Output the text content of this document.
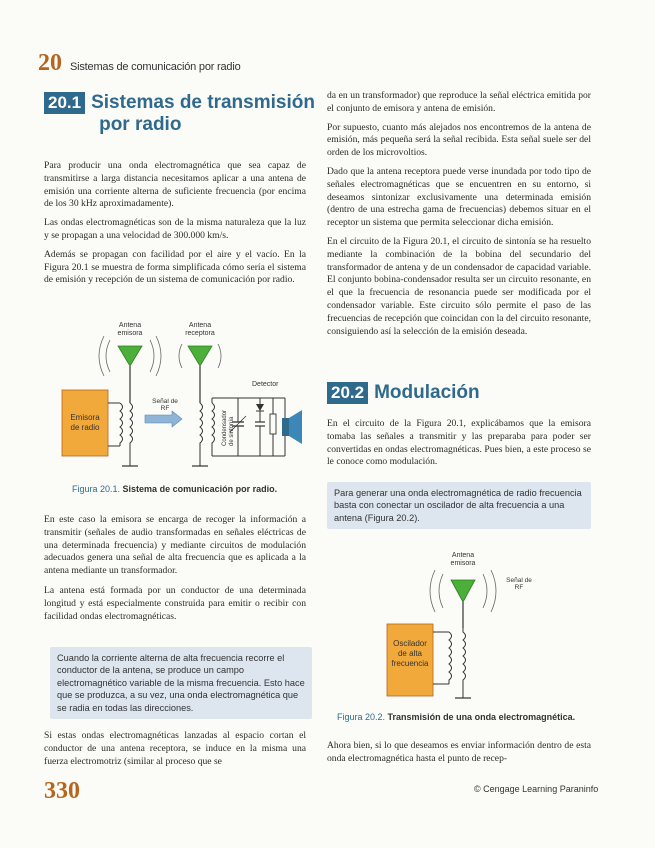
20 Sistemas de comunicación por radio
20.1 Sistemas de transmisión
por radio

Para producir una onda electromagnética que sea capaz de transmitirse a larga distancia necesitamos aplicar a una antena de emisión una corriente alterna de suficiente frecuencia (por encima de los 30 kHz aproximadamente).

Las ondas electromagnéticas son de la misma naturaleza que la luz y se propagan a una velocidad de 300.000 km/s.

Además se propagan con facilidad por el aire y el vacío. En la Figura 20.1 se muestra de forma simplificada cómo sería el sistema de emisión y recepción de un sistema de comunicación por radio.

Antena
emisora
Emisora
de radio
Señal de
RF
Antena
receptora
Condensador de sintonía
Detector
Figura 20.1. Sistema de comunicación por radio.

En este caso la emisora se encarga de recoger la información a transmitir (señales de audio transformadas en señales eléctricas de una determinada frecuencia) y mediante circuitos de modulación adecuados genera una señal de alta frecuencia que es aplicada a la antena mediante un transformador.

La antena está formada por un conductor de una determinada longitud y está especialmente construida para emitir o recibir con facilidad ondas electromagnéticas.

Cuando la corriente alterna de alta frecuencia recorre el conductor de la antena, se produce un campo electromagnético variable de la misma frecuencia. Esto hace que se produzca, a su vez, una onda electromagnética que se radia en todas las direcciones.

Si estas ondas electromagnéticas lanzadas al espacio cortan el conductor de una antena receptora, se induce en la misma una fuerza electromotriz (similar al proceso que se

da en un transformador) que reproduce la señal eléctrica emitida por el conjunto de emisora y antena de emisión.

Por supuesto, cuanto más alejados nos encontremos de la antena de emisión, más pequeña será la señal recibida. Esta señal suele ser del orden de los microvoltios.

Dado que la antena receptora puede verse inundada por todo tipo de señales electromagnéticas que se encuentren en su entorno, si deseamos sintonizar exclusivamente una determinada emisión (dentro de una estrecha gama de frecuencias) debemos situar en el receptor un sistema que permita seleccionar dicha emisión.

En el circuito de la Figura 20.1, el circuito de sintonía se ha resuelto mediante la combinación de la bobina del secundario del transformador de antena y de un condensador de capacidad variable. El conjunto bobina-condensador resulta ser un circuito resonante, en el que la frecuencia de resonancia puede ser modificada por el condensador variable. Este circuito sólo permite el paso de las frecuencias de recepción que coincidan con la del circuito resonante, consiguiendo así la selección de la emisión deseada.

20.2 Modulación

En el circuito de la Figura 20.1, explicábamos que la emisora tomaba las señales a transmitir y las preparaba para poder ser convertidas en ondas electromagnéticas. Pues bien, a este proceso se le conoce como modulación.

Para generar una onda electromagnética de radio frecuencia basta con conectar un oscilador de alta frecuencia a una antena (Figura 20.2).

Antena
emisora
Señal de
RF
Oscilador
de alta
frecuencia
Figura 20.2. Transmisión de una onda electromagnética.

Ahora bien, si lo que deseamos es enviar información dentro de esta onda electromagnética hasta el punto de recep-

330	© Cengage Learning Paraninfo
